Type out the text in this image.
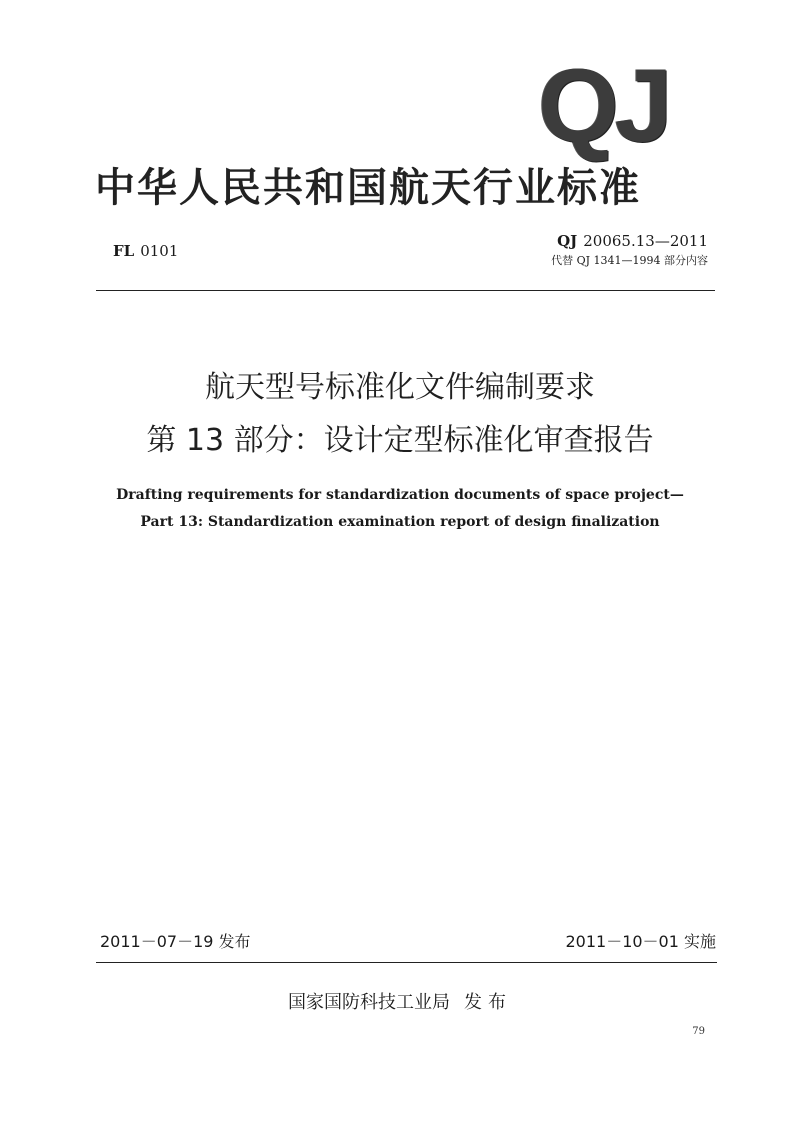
QJ
中华人民共和国航天行业标准
FL 0101
QJ 20065.13—2011
代替 QJ 1341—1994 部分内容
航天型号标准化文件编制要求
第 13 部分：设计定型标准化审查报告
Drafting requirements for standardization documents of space project—
Part 13: Standardization examination report of design finalization
2011－07－19 发布	2011－10－01 实施
国家国防科技工业局 发布
79
